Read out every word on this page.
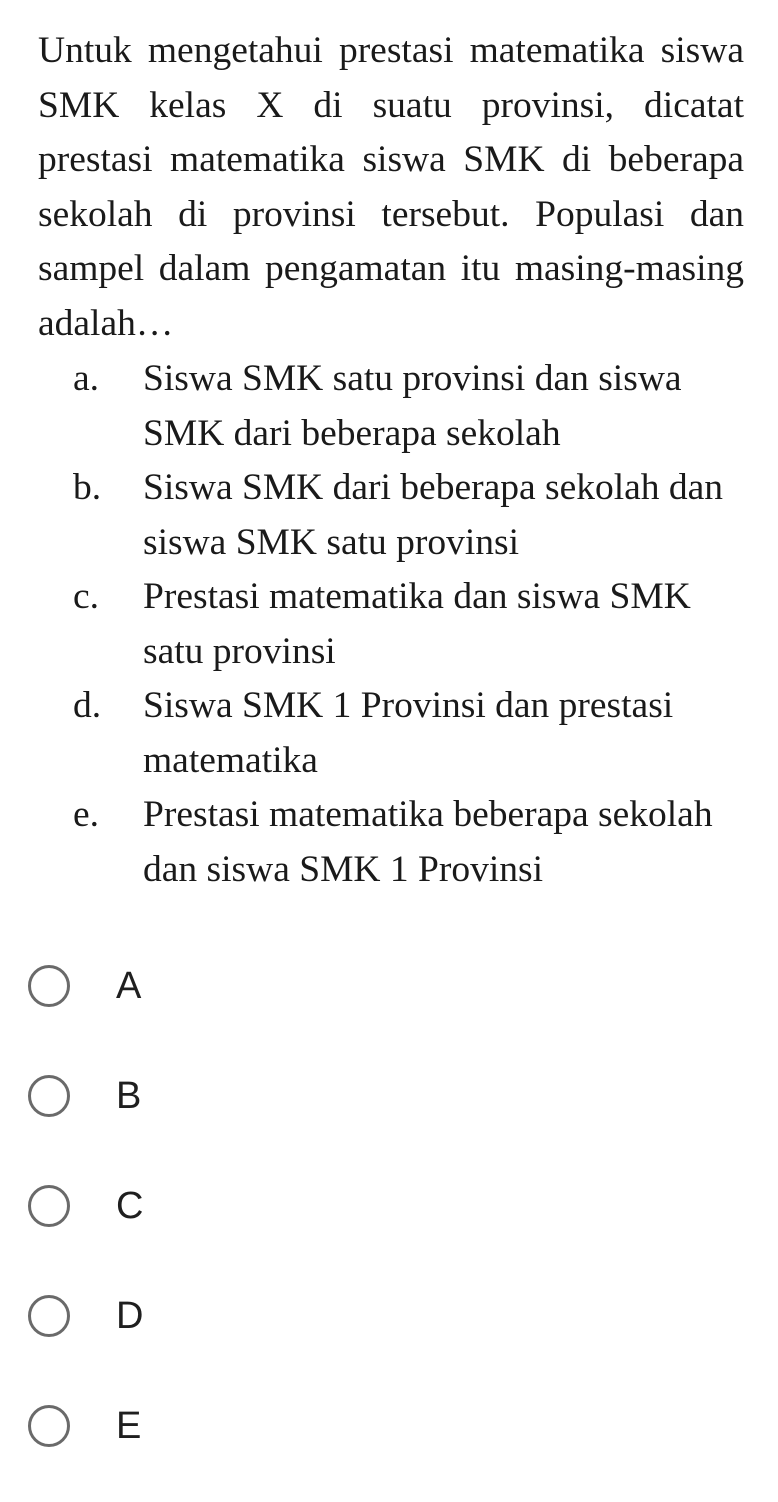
Untuk mengetahui prestasi matematika siswa SMK kelas X di suatu provinsi, dicatat prestasi matematika siswa SMK di beberapa sekolah di provinsi tersebut. Populasi dan sampel dalam pengamatan itu masing-masing adalah…

a. Siswa SMK satu provinsi dan siswa SMK dari beberapa sekolah
b. Siswa SMK dari beberapa sekolah dan siswa SMK satu provinsi
c. Prestasi matematika dan siswa SMK satu provinsi
d. Siswa SMK 1 Provinsi dan prestasi matematika
e. Prestasi matematika beberapa sekolah dan siswa SMK 1 Provinsi
A
B
C
D
E
